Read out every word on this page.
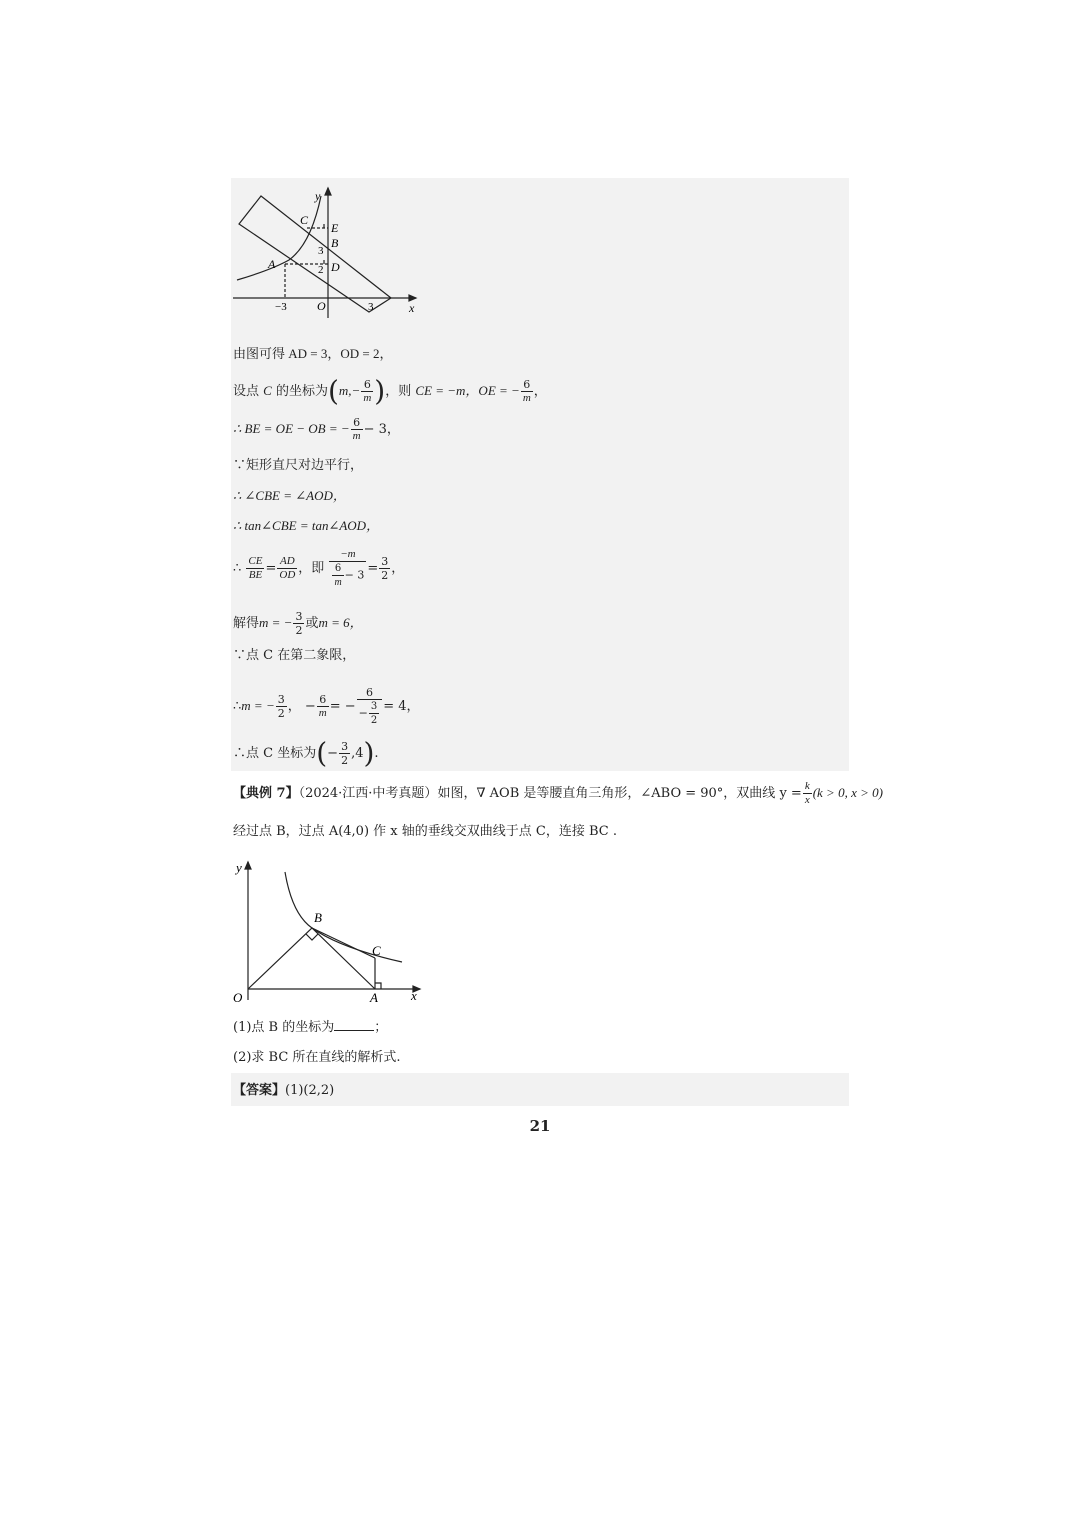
y
C
E
B
3
A	2 D
−3	O	3	x
由图可得 AD = 3，OD = 2，
设点 C 的坐标为($m,- \frac{6}{m}$ )，则 CE = −m，OE = − $\frac{6}{m}$ ，
∴ BE = OE − OB = − $\frac{6}{m} - 3$，
∵矩形直尺对边平行，
∴ ∠CBE = ∠AOD，
∴ tan∠CBE = tan∠AOD，
∴ $\frac{CE}{BE} = \frac{AD}{OD}$ ，即 $\frac{-m}{\frac{6}{m} - 3} = \frac{3}{2}$ ，
解得m = − $\frac{3}{2}$ 或m = 6，
∵点 C 在第二象限，
∴m = − $\frac{3}{2}$ ， − $\frac{6}{m}$ = − $\frac{6}{- \frac{3}{2}} = 4$，
∴点 C 坐标为(− $\frac{3}{2} ,4$).
【典例 7】（2024·江西·中考真题）如图，∇ AOB 是等腰直角三角形，∠ABO = 90°，双曲线 $y = \frac{k}{x} (k > 0$, x > 0)
经过点 B，过点 A(4,0) 作 x 轴的垂线交双曲线于点 C，连接 BC .
y
B
C
O	A	x
(1)点 B 的坐标为	；
(2)求 BC 所在直线的解析式.
【答案】(1)(2,2)
21
